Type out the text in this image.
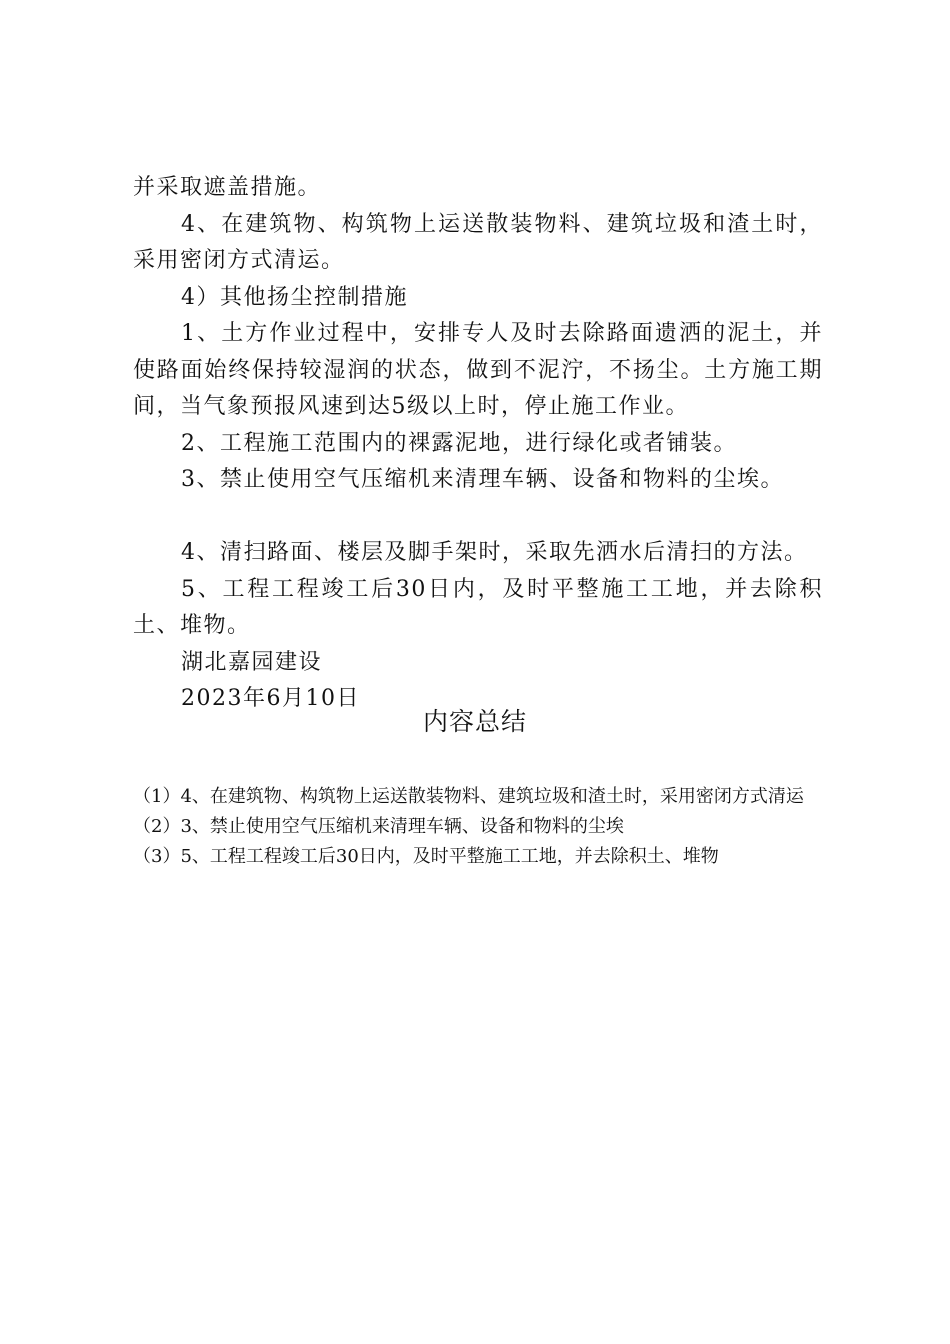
并采取遮盖措施。

4、在建筑物、构筑物上运送散装物料、建筑垃圾和渣土时，采用密闭方式清运。

4）其他扬尘控制措施

1、土方作业过程中，安排专人及时去除路面遗洒的泥土，并使路面始终保持较湿润的状态，做到不泥泞，不扬尘。土方施工期间，当气象预报风速到达5级以上时，停止施工作业。

2、工程施工范围内的裸露泥地，进行绿化或者铺装。

3、禁止使用空气压缩机来清理车辆、设备和物料的尘埃。

4、清扫路面、楼层及脚手架时，采取先洒水后清扫的方法。

5、工程工程竣工后30日内，及时平整施工工地，并去除积土、堆物。

湖北嘉园建设

2023年6月10日

内容总结

（1）4、在建筑物、构筑物上运送散装物料、建筑垃圾和渣土时，采用密闭方式清运

（2）3、禁止使用空气压缩机来清理车辆、设备和物料的尘埃

（3）5、工程工程竣工后30日内，及时平整施工工地，并去除积土、堆物
